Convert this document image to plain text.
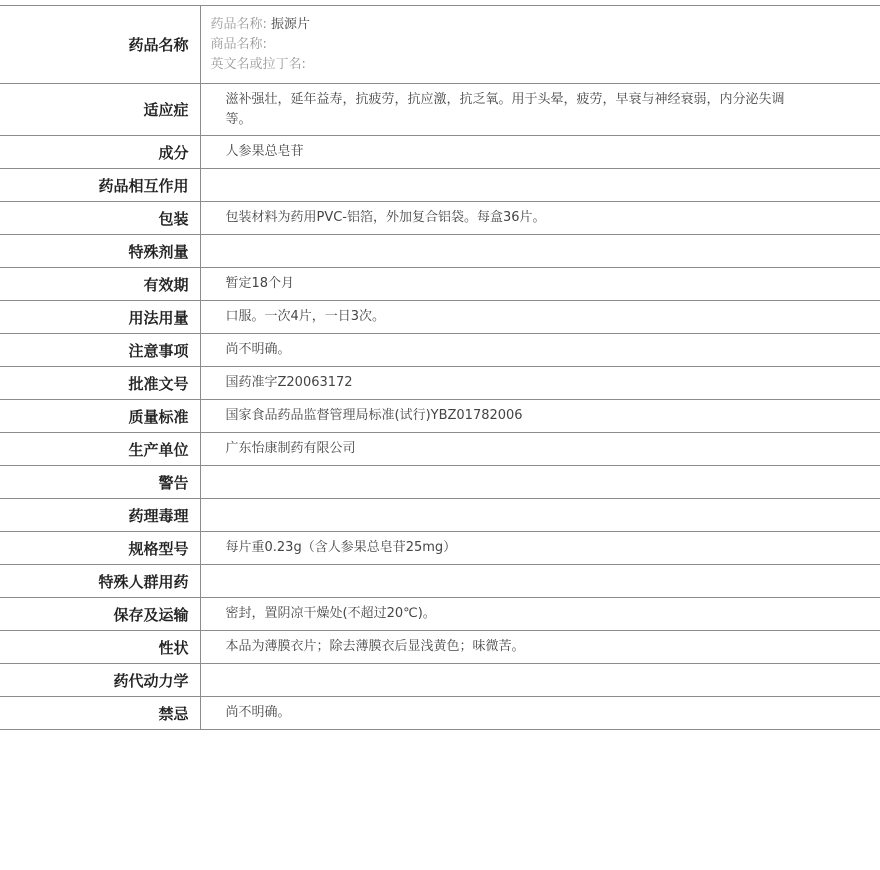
药品名称	药品名称: 振源片
商品名称:
英文名或拉丁名:

适应症	滋补强壮，延年益寿，抗疲劳，抗应激，抗乏氧。用于头晕，疲劳，早衰与神经衰弱，内分泌失调等。
成分	人参果总皂苷
药品相互作用	
包装	包装材料为药用PVC-铝箔，外加复合铝袋。每盒36片。
特殊剂量	
有效期	暂定18个月
用法用量	口服。一次4片，一日3次。
注意事项	尚不明确。
批准文号	国药准字Z20063172
质量标准	国家食品药品监督管理局标准(试行)YBZ01782006
生产单位	广东怡康制药有限公司
警告	
药理毒理	
规格型号	每片重0.23g（含人参果总皂苷25mg）
特殊人群用药	
保存及运输	密封，置阴凉干燥处(不超过20℃)。
性状	本品为薄膜衣片；除去薄膜衣后显浅黄色；味微苦。
药代动力学	
禁忌	尚不明确。
